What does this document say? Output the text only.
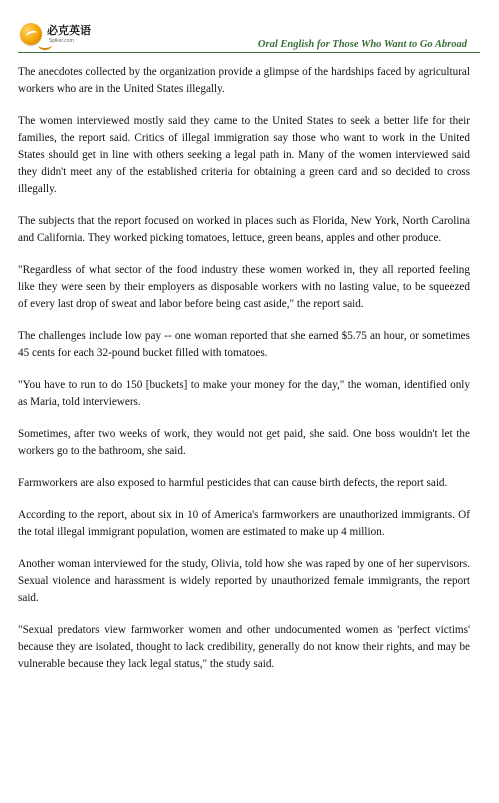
必克英语
Spiker.com	Oral English for Those Who Want to Go Abroad

The anecdotes collected by the organization provide a glimpse of the hardships faced by agricultural workers who are in the United States illegally.

The women interviewed mostly said they came to the United States to seek a better life for their families, the report said. Critics of illegal immigration say those who want to work in the United States should get in line with others seeking a legal path in. Many of the women interviewed said they didn't meet any of the established criteria for obtaining a green card and so decided to cross illegally.

The subjects that the report focused on worked in places such as Florida, New York, North Carolina and California. They worked picking tomatoes, lettuce, green beans, apples and other produce.

"Regardless of what sector of the food industry these women worked in, they all reported feeling like they were seen by their employers as disposable workers with no lasting value, to be squeezed of every last drop of sweat and labor before being cast aside," the report said.

The challenges include low pay -- one woman reported that she earned $5.75 an hour, or sometimes 45 cents for each 32-pound bucket filled with tomatoes.

"You have to run to do 150 [buckets] to make your money for the day," the woman, identified only as Maria, told interviewers.

Sometimes, after two weeks of work, they would not get paid, she said. One boss wouldn't let the workers go to the bathroom, she said.

Farmworkers are also exposed to harmful pesticides that can cause birth defects, the report said.

According to the report, about six in 10 of America's farmworkers are unauthorized immigrants. Of the total illegal immigrant population, women are estimated to make up 4 million.

Another woman interviewed for the study, Olivia, told how she was raped by one of her supervisors. Sexual violence and harassment is widely reported by unauthorized female immigrants, the report said.

"Sexual predators view farmworker women and other undocumented women as 'perfect victims' because they are isolated, thought to lack credibility, generally do not know their rights, and may be vulnerable because they lack legal status," the study said.
